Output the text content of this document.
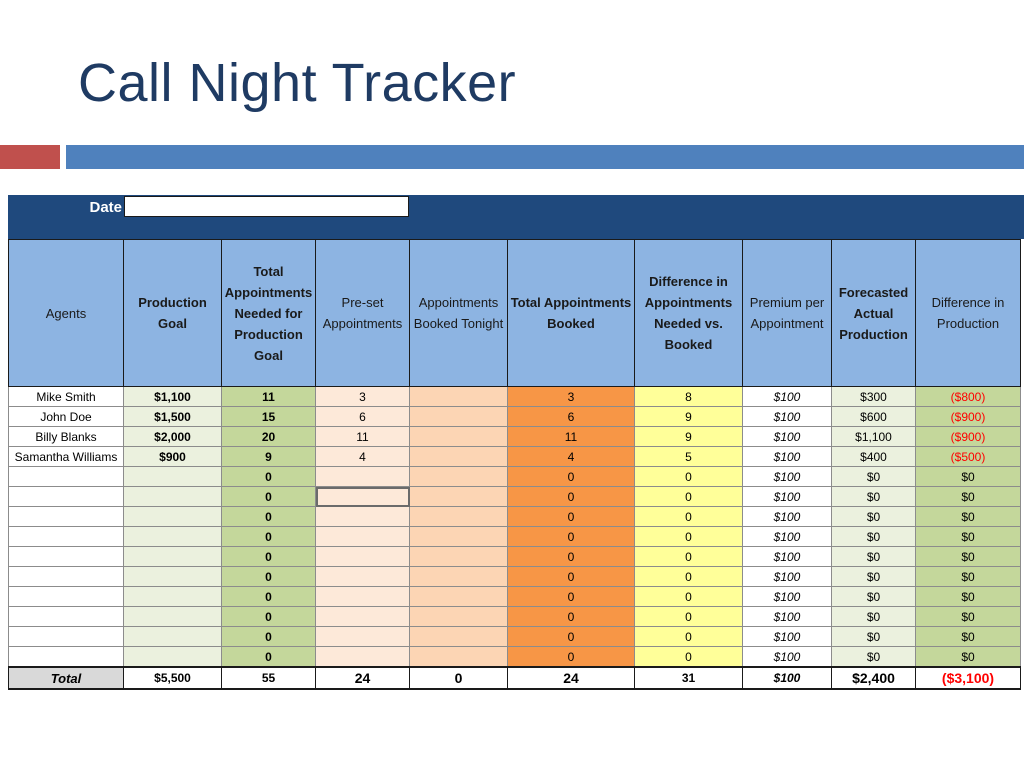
Call Night Tracker
Date
Agents	Production Goal	Total Appointments Needed for Production Goal	Pre-set Appointments	Appointments Booked Tonight	Total Appointments Booked	Difference in Appointments Needed vs. Booked	Premium per Appointment	Forecasted Actual Production	Difference in Production
Mike Smith	$1,100	11	3		3	8	$100	$300	($800)
John Doe	$1,500	15	6		6	9	$100	$600	($900)
Billy Blanks	$2,000	20	11		11	9	$100	$1,100	($900)
Samantha Williams	$900	9	4		4	5	$100	$400	($500)
		0			0	0	$100	$0	$0
		0			0	0	$100	$0	$0
		0			0	0	$100	$0	$0
		0			0	0	$100	$0	$0
		0			0	0	$100	$0	$0
		0			0	0	$100	$0	$0
		0			0	0	$100	$0	$0
		0			0	0	$100	$0	$0
		0			0	0	$100	$0	$0
		0			0	0	$100	$0	$0
Total	$5,500	55	24	0	24	31	$100	$2,400	($3,100)
